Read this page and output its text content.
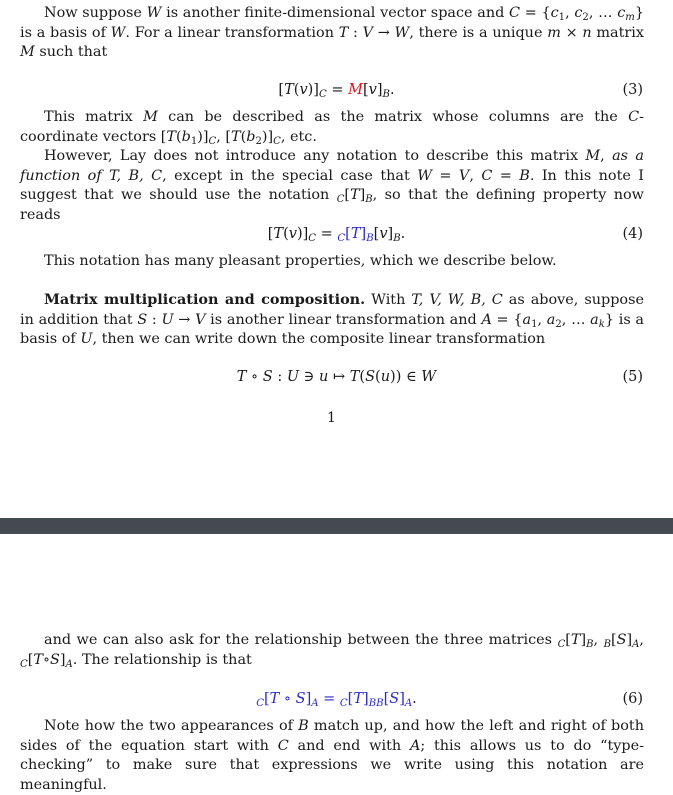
Now suppose W is another finite-dimensional vector space and $C = \{c_1$, $c_2$, … $c_m$} is a basis of W. For a linear transformation T : V → W, there is a unique m × n matrix M such that

$[T(v)]_C = M[v]_B$.	(3)

This matrix M can be described as the matrix whose columns are the C-coordinate vectors $[T(b_1)]_C$, $[T(b_2)]_C$, etc.

However, Lay does not introduce any notation to describe this matrix M, as a function of T, B, C, except in the special case that W = V, C = B. In this note I suggest that we should use the notation $_C[T]_B$, so that the defining property now reads

$[T(v)]_C = _C[T]_B[v]_B$.	(4)

This notation has many pleasant properties, which we describe below.

Matrix multiplication and composition. With T, V, W, B, C as above, suppose in addition that S : U → V is another linear transformation and $A = \{a_1$, $a_2$, … $a_k$} is a basis of U, then we can write down the composite linear transformation

T ∘ S : U ∋ u ↦ T(S(u)) ∈ W	(5)
1

and we can also ask for the relationship between the three matrices $_C[T]_B$, $_B[S]_A$, $_C[T\circ S]_A$. The relationship is that

$_C$[T ∘ $S]_A = _C[T]_{BB}[S]_A$.	(6)

Note how the two appearances of B match up, and how the left and right of both sides of the equation start with C and end with A; this allows us to do “type-checking” to make sure that expressions we write using this notation are meaningful.
